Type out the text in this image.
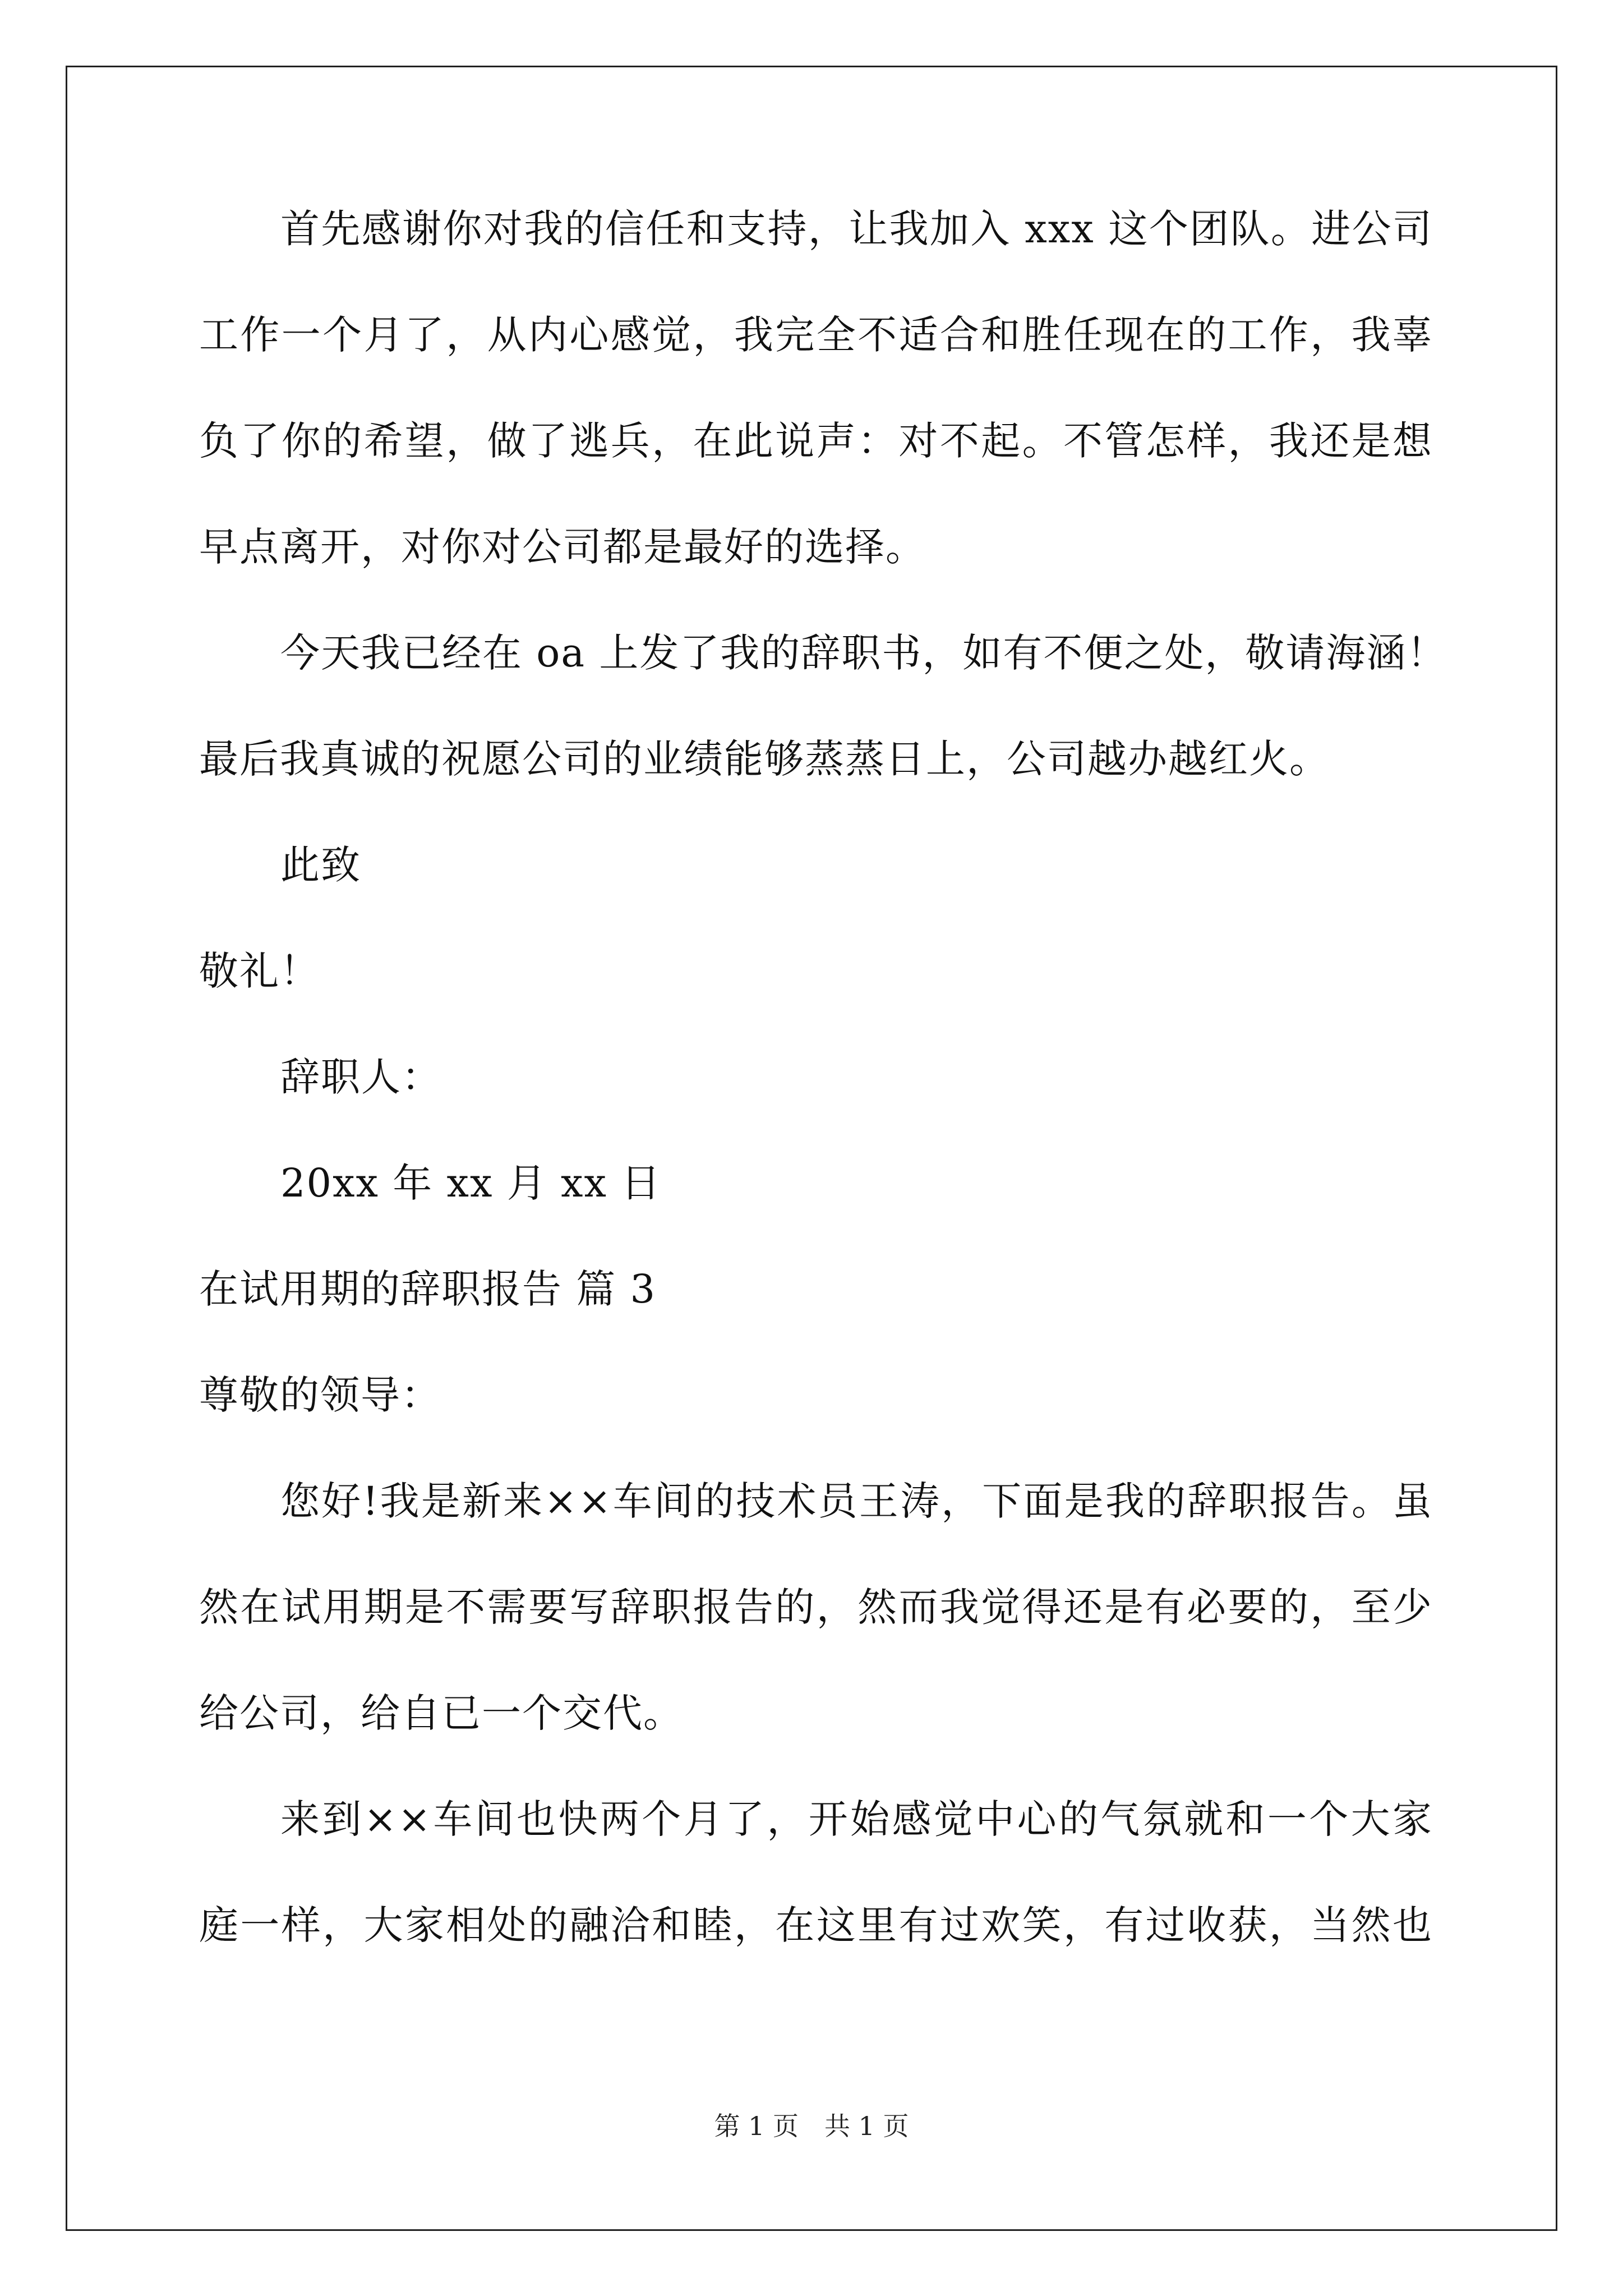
首先感谢你对我的信任和支持，让我加入 xxx 这个团队。进公司
工作一个月了，从内心感觉，我完全不适合和胜任现在的工作，我辜
负了你的希望，做了逃兵，在此说声：对不起。不管怎样，我还是想
早点离开，对你对公司都是最好的选择。
今天我已经在 oa 上发了我的辞职书，如有不便之处，敬请海涵！
最后我真诚的祝愿公司的业绩能够蒸蒸日上，公司越办越红火。
此致
敬礼！
辞职人：
20xx 年 xx 月 xx 日
在试用期的辞职报告 篇 3
尊敬的领导：
您好!我是新来××车间的技术员王涛，下面是我的辞职报告。虽
然在试用期是不需要写辞职报告的，然而我觉得还是有必要的，至少
给公司，给自已一个交代。
来到××车间也快两个月了，开始感觉中心的气氛就和一个大家
庭一样，大家相处的融洽和睦，在这里有过欢笑，有过收获，当然也
第 1 页　共 1 页
